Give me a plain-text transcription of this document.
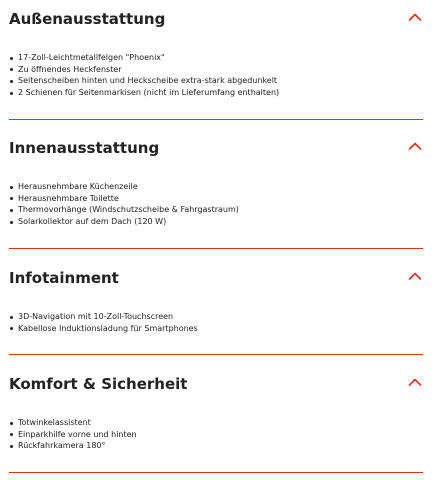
Außenausstattung
17-Zoll-Leichtmetallfelgen "Phoenix"
Zu öffnendes Heckfenster
Seitenscheiben hinten und Heckscheibe extra-stark abgedunkelt
2 Schienen für Seitenmarkisen (nicht im Lieferumfang enthalten)
Innenausstattung
Herausnehmbare Küchenzeile
Herausnehmbare Toilette
Thermovorhänge (Windschutzscheibe & Fahrgastraum)
Solarkollektor auf dem Dach (120 W)
Infotainment
3D-Navigation mit 10-Zoll-Touchscreen
Kabellose Induktionsladung für Smartphones
Komfort & Sicherheit
Totwinkelassistent
Einparkhilfe vorne und hinten
Rückfahrkamera 180°
